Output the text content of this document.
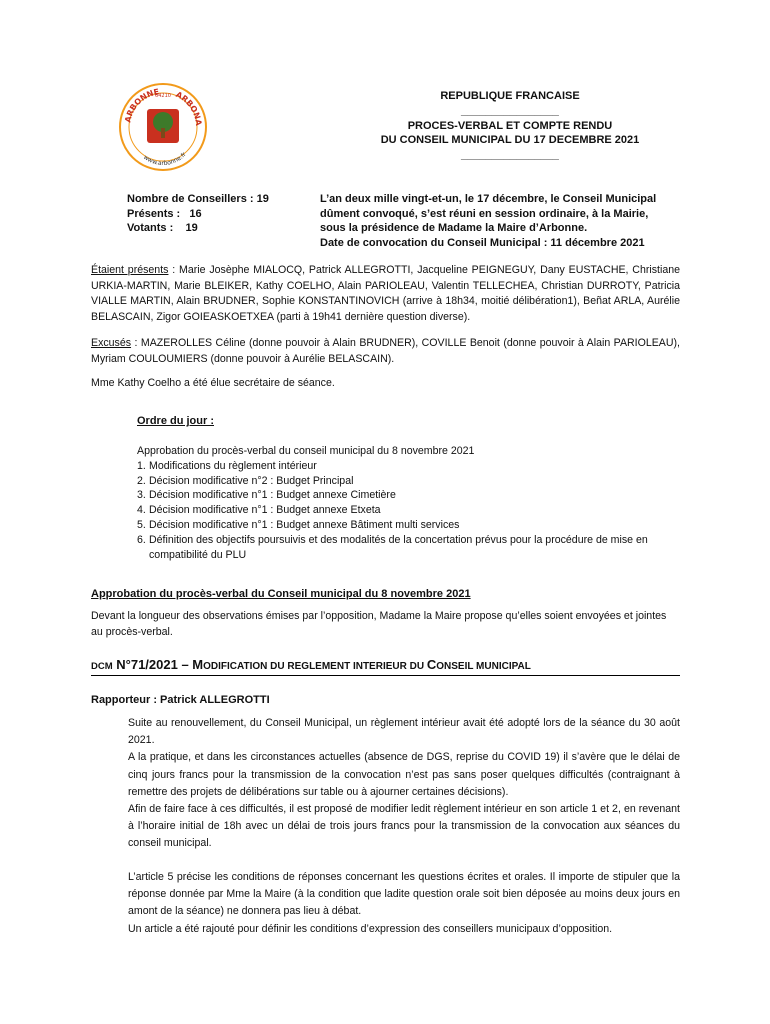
ARBONNE
64210 ARBONA
www.arbonne.fr
REPUBLIQUE FRANCAISE
________________
PROCES-VERBAL ET COMPTE RENDU
DU CONSEIL MUNICIPAL DU 17 DECEMBRE 2021
________________
Nombre de Conseillers : 19
Présents :   16
Votants :    19
L’an deux mille vingt-et-un, le 17 décembre, le Conseil Municipal
dûment convoqué, s’est réuni en session ordinaire, à la Mairie,
sous la présidence de Madame la Maire d’Arbonne.
Date de convocation du Conseil Municipal : 11 décembre 2021
Étaient présents : Marie Josèphe MIALOCQ, Patrick ALLEGROTTI, Jacqueline PEIGNEGUY, Dany EUSTACHE, Christiane URKIA-MARTIN, Marie BLEIKER, Kathy COELHO, Alain PARIOLEAU, Valentin TELLECHEA, Christian DURROTY, Patricia VIALLE MARTIN, Alain BRUDNER, Sophie KONSTANTINOVICH (arrive à 18h34, moitié délibération1), Beñat ARLA, Aurélie BELASCAIN, Zigor GOIEASKOETXEA (parti à 19h41 dernière question diverse).
Excusés : MAZEROLLES Céline (donne pouvoir à Alain BRUDNER), COVILLE Benoit (donne pouvoir à Alain PARIOLEAU), Myriam COULOUMIERS (donne pouvoir à Aurélie BELASCAIN).
Mme Kathy Coelho a été élue secrétaire de séance.
Ordre du jour :
Approbation du procès-verbal du conseil municipal du 8 novembre 2021
1. Modifications du règlement intérieur
2. Décision modificative n°2 : Budget Principal
3. Décision modificative n°1 : Budget annexe Cimetière
4. Décision modificative n°1 : Budget annexe Etxeta
5. Décision modificative n°1 : Budget annexe Bâtiment multi services
6. Définition des objectifs poursuivis et des modalités de la concertation prévus pour la procédure de mise en compatibilité du PLU
Approbation du procès-verbal du Conseil municipal du 8 novembre 2021
Devant la longueur des observations émises par l’opposition, Madame la Maire propose qu’elles soient envoyées et jointes au procès-verbal.
DCM N°71/2021 – MODIFICATION DU REGLEMENT INTERIEUR DU CONSEIL MUNICIPAL
Rapporteur : Patrick ALLEGROTTI

Suite au renouvellement, du Conseil Municipal, un règlement intérieur avait été adopté lors de la séance du 30 août 2021.

A la pratique, et dans les circonstances actuelles (absence de DGS, reprise du COVID 19) il s’avère que le délai de cinq jours francs pour la transmission de la convocation n’est pas sans poser quelques difficultés (contraignant à remettre des projets de délibérations sur table ou à ajourner certaines décisions).

Afin de faire face à ces difficultés, il est proposé de modifier ledit règlement intérieur en son article 1 et 2, en revenant à l’horaire initial de 18h avec un délai de trois jours francs pour la transmission de la convocation aux séances du conseil municipal.

L’article 5 précise les conditions de réponses concernant les questions écrites et orales. Il importe de stipuler que la réponse donnée par Mme la Maire (à la condition que ladite question orale soit bien déposée au moins deux jours en amont de la séance) ne donnera pas lieu à débat.

Un article a été rajouté pour définir les conditions d’expression des conseillers municipaux d’opposition.
